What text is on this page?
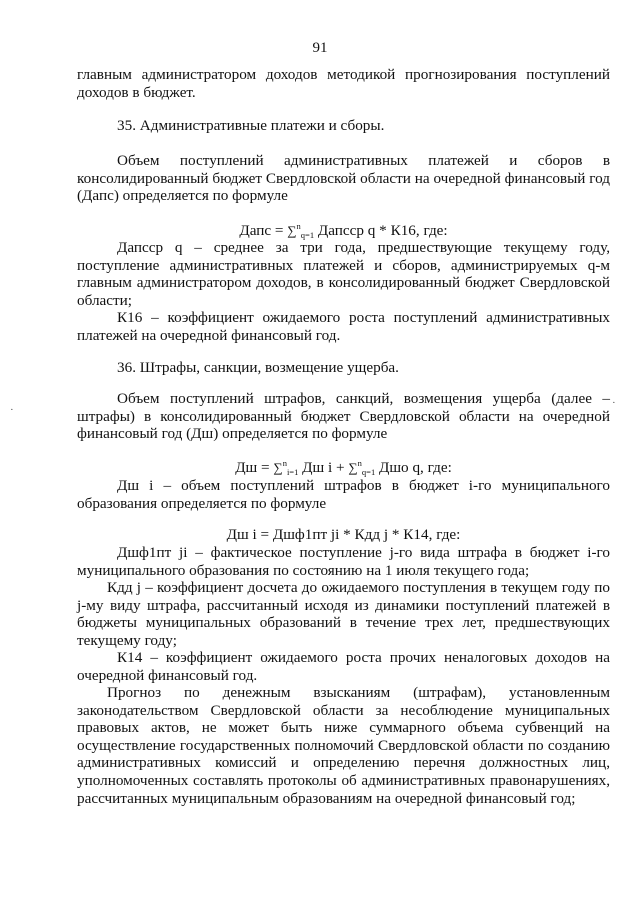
91

главным администратором доходов методикой прогнозирования поступлений доходов в бюджет.

35. Административные платежи и сборы.

Объем поступлений административных платежей и сборов в консолидированный бюджет Свердловской области на очередной финансовый год (Дапс) определяется по формуле

Дапс = ∑$^n$q=1 Дапсср q * К16, где:

Дапсср q – среднее за три года, предшествующие текущему году, поступление административных платежей и сборов, администрируемых q-м главным администратором доходов, в консолидированный бюджет Свердловской области;

К16 – коэффициент ожидаемого роста поступлений административных платежей на очередной финансовый год.

36. Штрафы, санкции, возмещение ущерба.

Объем поступлений штрафов, санкций, возмещения ущерба (далее –штрафы) в консолидированный бюджет Свердловской области на очередной финансовый год (Дш) определяется по формуле

Дш = ∑$^n$i=1 Дш i + ∑$^n$q=1 Дшо q, где:

Дш i – объем поступлений штрафов в бюджет i-го муниципального образования определяется по формуле

Дш i = Дшф1пт ji * Кдд j * К14, где:

Дшф1пт ji – фактическое поступление j-го вида штрафа в бюджет i-го муниципального образования по состоянию на 1 июля текущего года;

Кдд j – коэффициент досчета до ожидаемого поступления в текущем году по j-му виду штрафа, рассчитанный исходя из динамики поступлений платежей в бюджеты муниципальных образований в течение трех лет, предшествующих текущему году;

К14 – коэффициент ожидаемого роста прочих неналоговых доходов на очередной финансовый год.

Прогноз по денежным взысканиям (штрафам), установленным законодательством Свердловской области за несоблюдение муниципальных правовых актов, не может быть ниже суммарного объема субвенций на осуществление государственных полномочий Свердловской области по созданию административных комиссий и определению перечня должностных лиц, уполномоченных составлять протоколы об административных правонарушениях, рассчитанных муниципальным образованиям на очередной финансовый год;

·
·
